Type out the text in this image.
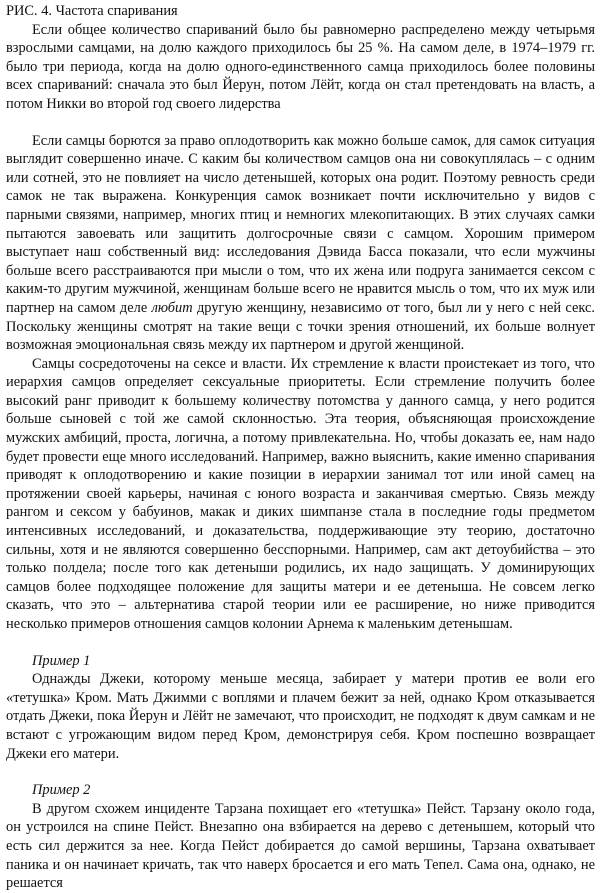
РИС. 4. Частота спаривания

Если общее количество спариваний было бы равномерно распределено между четырьмя взрослыми самцами, на долю каждого приходилось бы 25 %. На самом деле, в 1974–1979 гг. было три периода, когда на долю одного-единственного самца приходилось более половины всех спариваний: сначала это был Йерун, потом Лёйт, когда он стал претендовать на власть, а потом Никки во второй год своего лидерства

Если самцы борются за право оплодотворить как можно больше самок, для самок ситуация выглядит совершенно иначе. С каким бы количеством самцов она ни совокуплялась – с одним или сотней, это не повлияет на число детенышей, которых она родит. Поэтому ревность среди самок не так выражена. Конкуренция самок возникает почти исключительно у видов с парными связями, например, многих птиц и немногих млекопитающих. В этих случаях самки пытаются завоевать или защитить долгосрочные связи с самцом. Хорошим примером выступает наш собственный вид: исследования Дэвида Басса показали, что если мужчины больше всего расстраиваются при мысли о том, что их жена или подруга занимается сексом с каким-то другим мужчиной, женщинам больше всего не нравится мысль о том, что их муж или партнер на самом деле любит другую женщину, независимо от того, был ли у него с ней секс. Поскольку женщины смотрят на такие вещи с точки зрения отношений, их больше волнует возможная эмоциональная связь между их партнером и другой женщиной.

Самцы сосредоточены на сексе и власти. Их стремление к власти проистекает из того, что иерархия самцов определяет сексуальные приоритеты. Если стремление получить более высокий ранг приводит к большему количеству потомства у данного самца, у него родится больше сыновей с той же самой склонностью. Эта теория, объясняющая происхождение мужских амбиций, проста, логична, а потому привлекательна. Но, чтобы доказать ее, нам надо будет провести еще много исследований. Например, важно выяснить, какие именно спаривания приводят к оплодотворению и какие позиции в иерархии занимал тот или иной самец на протяжении своей карьеры, начиная с юного возраста и заканчивая смертью. Связь между рангом и сексом у бабуинов, макак и диких шимпанзе стала в последние годы предметом интенсивных исследований, и доказательства, поддерживающие эту теорию, достаточно сильны, хотя и не являются совершенно бесспорными. Например, сам акт детоубийства – это только полдела; после того как детеныши родились, их надо защищать. У доминирующих самцов более подходящее положение для защиты матери и ее детеныша. Не совсем легко сказать, что это – альтернатива старой теории или ее расширение, но ниже приводится несколько примеров отношения самцов колонии Арнема к маленьким детенышам.

Пример 1

Однажды Джеки, которому меньше месяца, забирает у матери против ее воли его «тетушка» Кром. Мать Джимми с воплями и плачем бежит за ней, однако Кром отказывается отдать Джеки, пока Йерун и Лёйт не замечают, что происходит, не подходят к двум самкам и не встают с угрожающим видом перед Кром, демонстрируя себя. Кром поспешно возвращает Джеки его матери.

Пример 2

В другом схожем инциденте Тарзана похищает его «тетушка» Пейст. Тарзану около года, он устроился на спине Пейст. Внезапно она взбирается на дерево с детенышем, который что есть сил держится за нее. Когда Пейст добирается до самой вершины, Тарзана охватывает паника и он начинает кричать, так что наверх бросается и его мать Тепел. Сама она, однако, не решается
